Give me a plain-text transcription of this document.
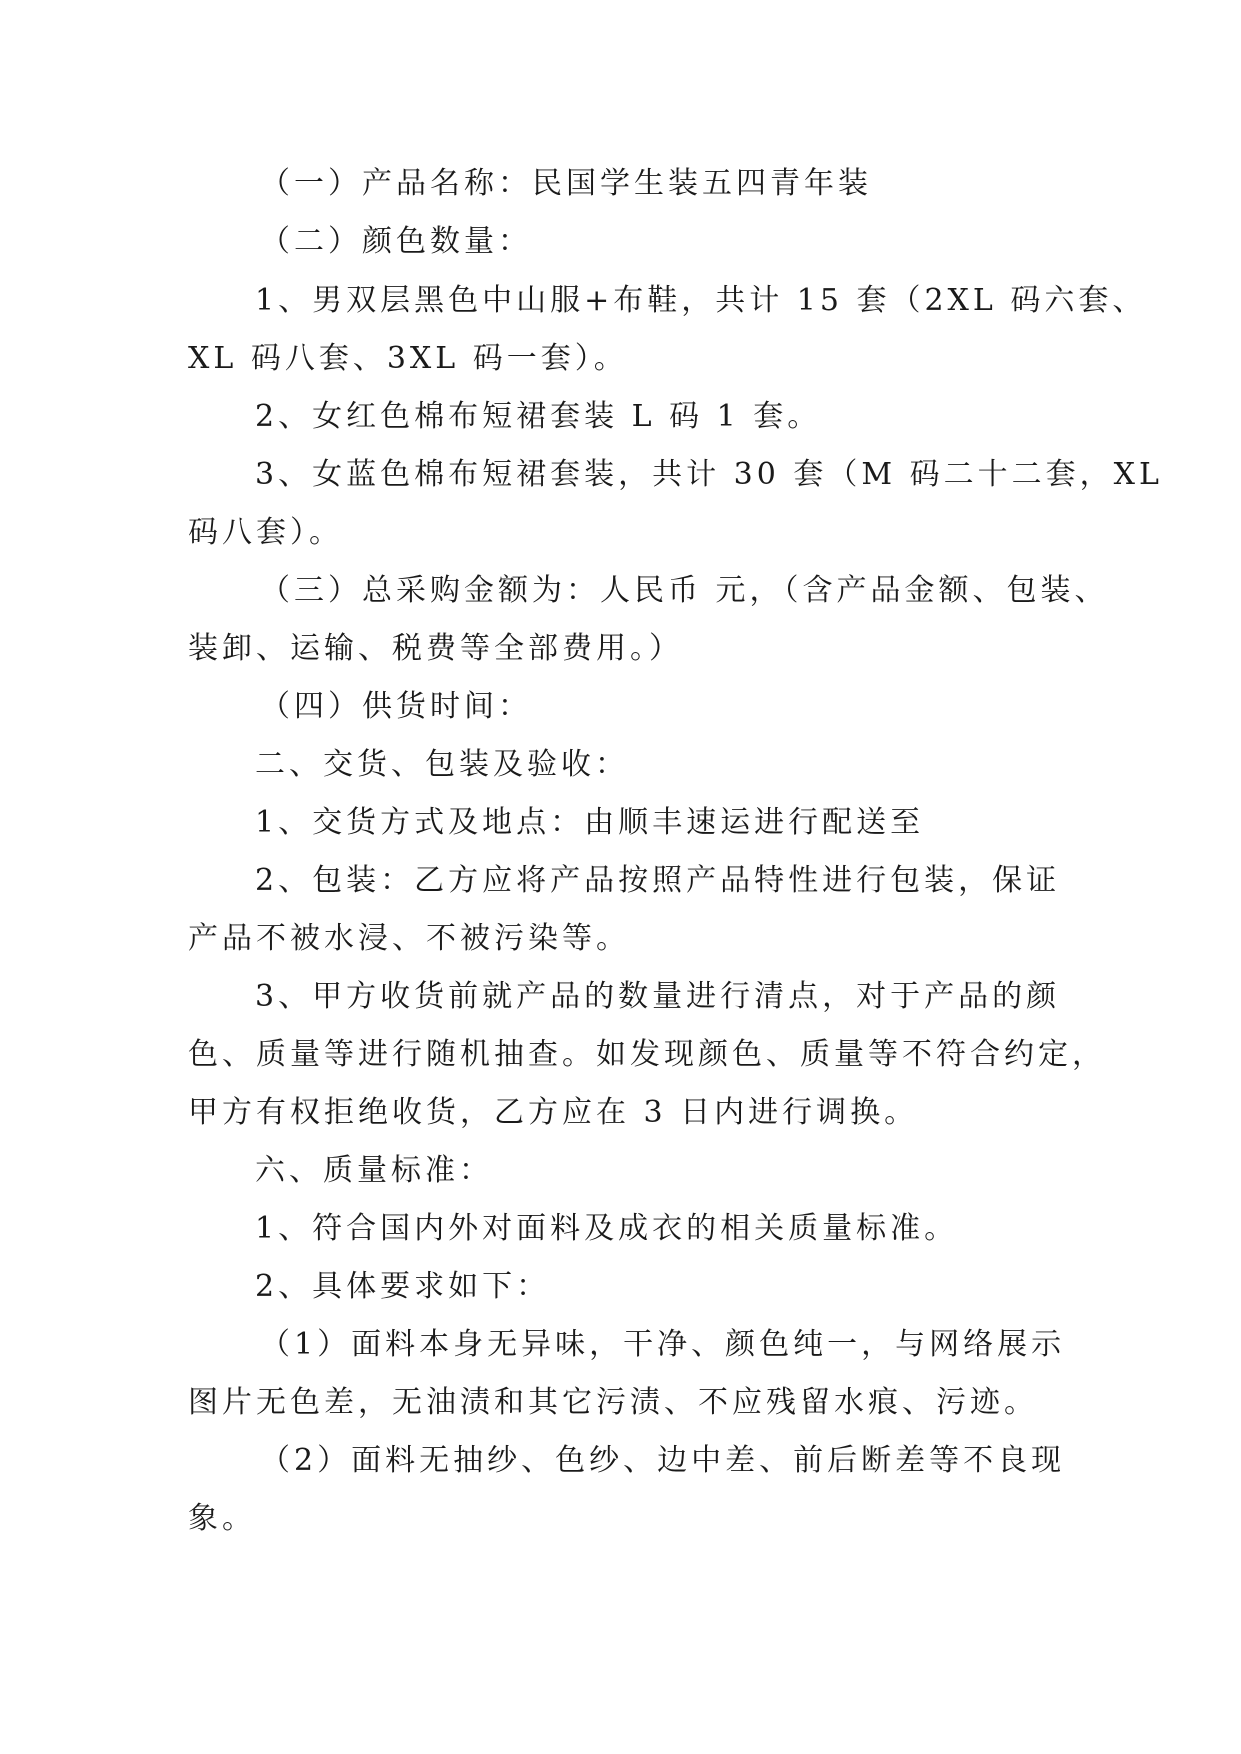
（一）产品名称：民国学生装五四青年装
（二）颜色数量：
1、男双层黑色中山服+布鞋，共计 15 套（2XL 码六套、
XL 码八套、3XL 码一套）。
2、女红色棉布短裙套装 L 码 1 套。
3、女蓝色棉布短裙套装，共计 30 套（M 码二十二套，XL
码八套）。
（三）总采购金额为：人民币 元，（含产品金额、包装、
装卸、运输、税费等全部费用。）
（四）供货时间：
二、交货、包装及验收：
1、交货方式及地点：由顺丰速运进行配送至
2、包装：乙方应将产品按照产品特性进行包装，保证
产品不被水浸、不被污染等。
3、甲方收货前就产品的数量进行清点，对于产品的颜
色、质量等进行随机抽查。如发现颜色、质量等不符合约定，
甲方有权拒绝收货，乙方应在 3 日内进行调换。
六、质量标准：
1、符合国内外对面料及成衣的相关质量标准。
2、具体要求如下：
（1）面料本身无异味，干净、颜色纯一，与网络展示
图片无色差，无油渍和其它污渍、不应残留水痕、污迹。
（2）面料无抽纱、色纱、边中差、前后断差等不良现
象。
